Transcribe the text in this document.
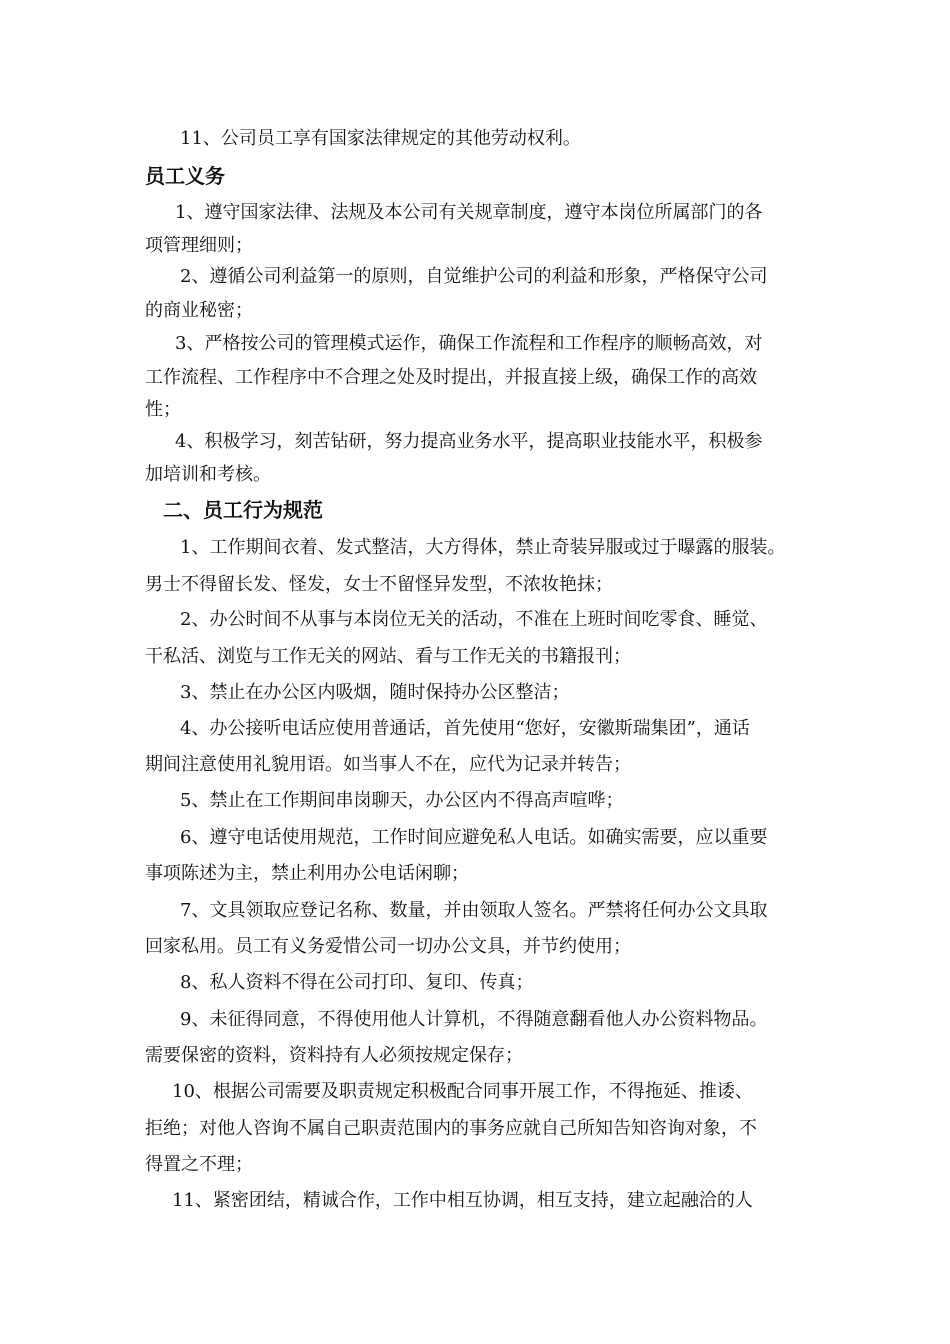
11、公司员工享有国家法律规定的其他劳动权利。
员工义务
1、遵守国家法律、法规及本公司有关规章制度，遵守本岗位所属部门的各
项管理细则；
2、遵循公司利益第一的原则，自觉维护公司的利益和形象，严格保守公司
的商业秘密；
3、严格按公司的管理模式运作，确保工作流程和工作程序的顺畅高效，对
工作流程、工作程序中不合理之处及时提出，并报直接上级，确保工作的高效
性；
4、积极学习，刻苦钻研，努力提高业务水平，提高职业技能水平，积极参
加培训和考核。
二、员工行为规范
1、工作期间衣着、发式整洁，大方得体，禁止奇装异服或过于曝露的服装。
男士不得留长发、怪发，女士不留怪异发型，不浓妆艳抹；
2、办公时间不从事与本岗位无关的活动，不准在上班时间吃零食、睡觉、
干私活、浏览与工作无关的网站、看与工作无关的书籍报刊；
3、禁止在办公区内吸烟，随时保持办公区整洁；
4、办公接听电话应使用普通话，首先使用“您好，安徽斯瑞集团”，通话
期间注意使用礼貌用语。如当事人不在，应代为记录并转告；
5、禁止在工作期间串岗聊天，办公区内不得高声喧哗；
6、遵守电话使用规范，工作时间应避免私人电话。如确实需要，应以重要
事项陈述为主，禁止利用办公电话闲聊；
7、文具领取应登记名称、数量，并由领取人签名。严禁将任何办公文具取
回家私用。员工有义务爱惜公司一切办公文具，并节约使用；
8、私人资料不得在公司打印、复印、传真；
9、未征得同意，不得使用他人计算机，不得随意翻看他人办公资料物品。
需要保密的资料，资料持有人必须按规定保存；
10、根据公司需要及职责规定积极配合同事开展工作，不得拖延、推诿、
拒绝；对他人咨询不属自己职责范围内的事务应就自己所知告知咨询对象，不
得置之不理；
11、紧密团结，精诚合作，工作中相互协调，相互支持，建立起融洽的人
